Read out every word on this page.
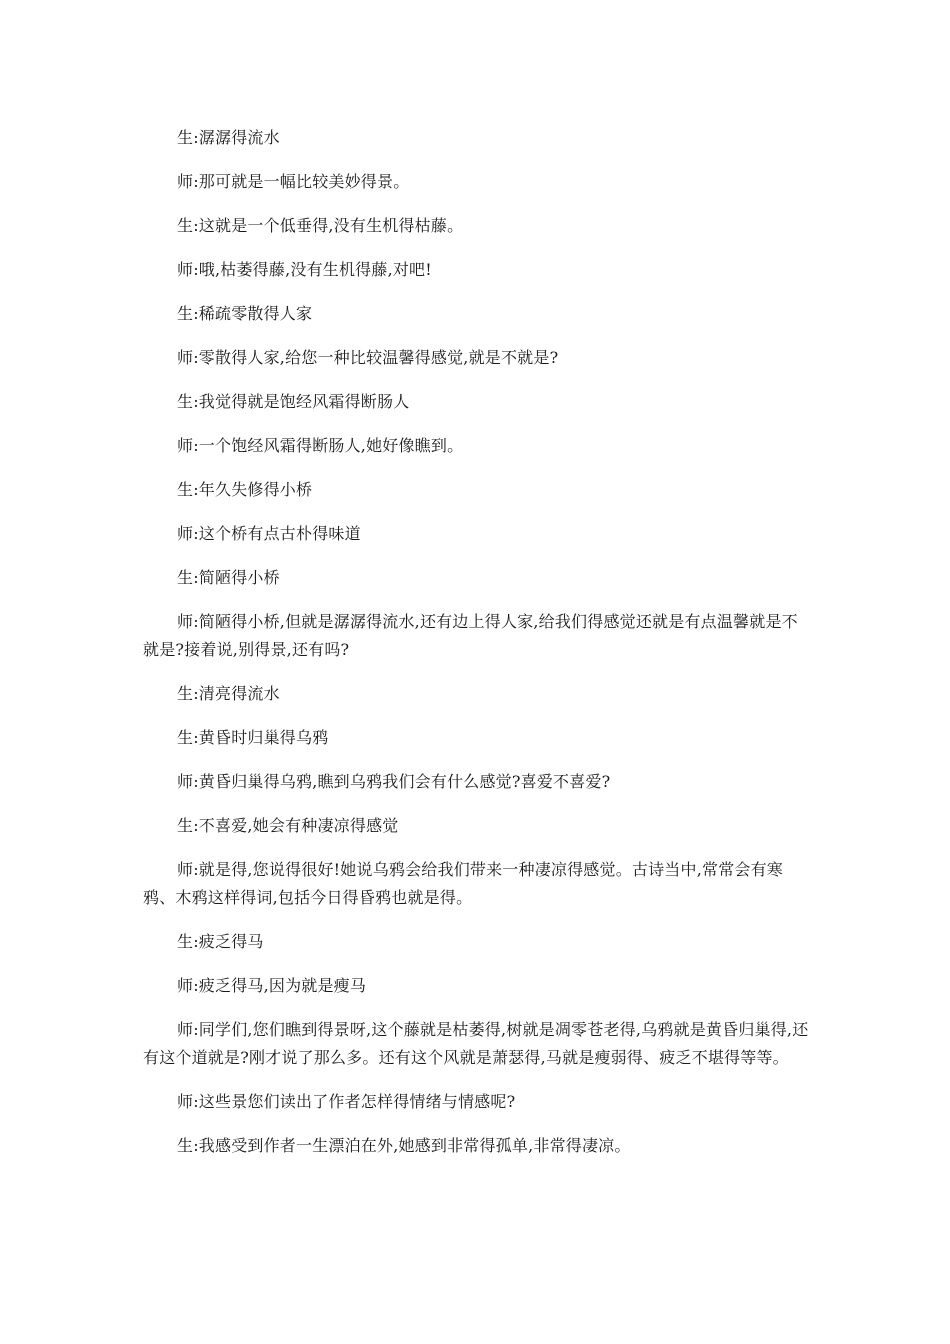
生:潺潺得流水

师:那可就是一幅比较美妙得景。

生:这就是一个低垂得,没有生机得枯藤。

师:哦,枯萎得藤,没有生机得藤,对吧!

生:稀疏零散得人家

师:零散得人家,给您一种比较温馨得感觉,就是不就是?

生:我觉得就是饱经风霜得断肠人

师:一个饱经风霜得断肠人,她好像瞧到。

生:年久失修得小桥

师:这个桥有点古朴得味道

生:简陋得小桥

师:简陋得小桥,但就是潺潺得流水,还有边上得人家,给我们得感觉还就是有点温馨就是不就是?接着说,别得景,还有吗?

生:清亮得流水

生:黄昏时归巢得乌鸦

师:黄昏归巢得乌鸦,瞧到乌鸦我们会有什么感觉?喜爱不喜爱?

生:不喜爱,她会有种凄凉得感觉

师:就是得,您说得很好!她说乌鸦会给我们带来一种凄凉得感觉。古诗当中,常常会有寒鸦、木鸦这样得词,包括今日得昏鸦也就是得。

生:疲乏得马

师:疲乏得马,因为就是瘦马

师:同学们,您们瞧到得景呀,这个藤就是枯萎得,树就是凋零苍老得,乌鸦就是黄昏归巢得,还有这个道就是?刚才说了那么多。还有这个风就是萧瑟得,马就是瘦弱得、疲乏不堪得等等。

师:这些景您们读出了作者怎样得情绪与情感呢?

生:我感受到作者一生漂泊在外,她感到非常得孤单,非常得凄凉。
